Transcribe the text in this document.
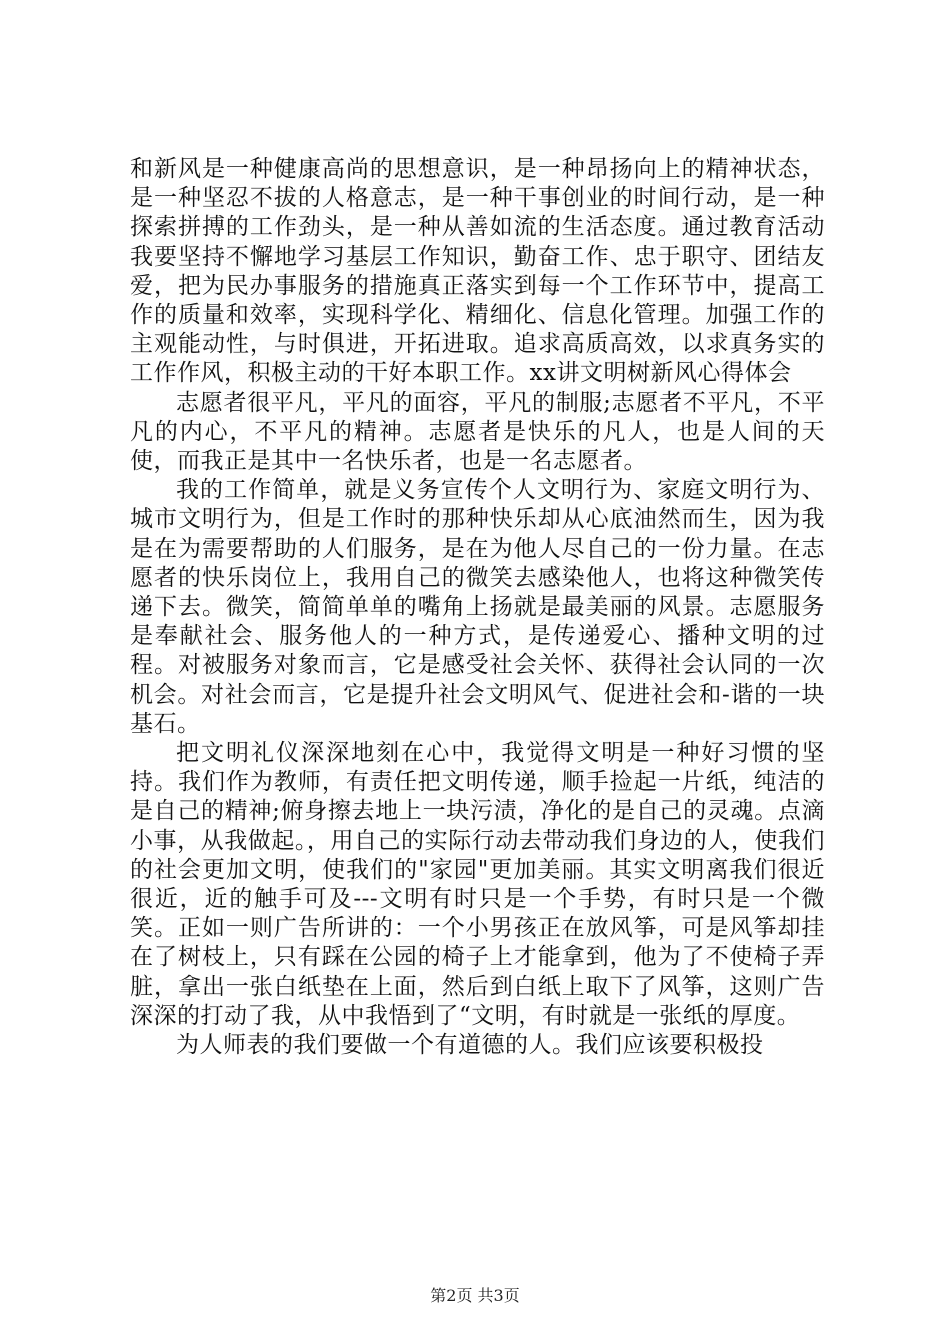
和新风是一种健康高尚的思想意识，是一种昂扬向上的精神状态，是一种坚忍不拔的人格意志，是一种干事创业的时间行动，是一种探索拼搏的工作劲头，是一种从善如流的生活态度。通过教育活动我要坚持不懈地学习基层工作知识，勤奋工作、忠于职守、团结友爱，把为民办事服务的措施真正落实到每一个工作环节中，提高工作的质量和效率，实现科学化、精细化、信息化管理。加强工作的主观能动性，与时俱进，开拓进取。追求高质高效，以求真务实的工作作风，积极主动的干好本职工作。xx讲文明树新风心得体会

志愿者很平凡，平凡的面容，平凡的制服;志愿者不平凡，不平凡的内心，不平凡的精神。志愿者是快乐的凡人，也是人间的天使，而我正是其中一名快乐者，也是一名志愿者。

我的工作简单，就是义务宣传个人文明行为、家庭文明行为、城市文明行为，但是工作时的那种快乐却从心底油然而生，因为我是在为需要帮助的人们服务，是在为他人尽自己的一份力量。在志愿者的快乐岗位上，我用自己的微笑去感染他人，也将这种微笑传递下去。微笑，简简单单的嘴角上扬就是最美丽的风景。志愿服务是奉献社会、服务他人的一种方式，是传递爱心、播种文明的过程。对被服务对象而言，它是感受社会关怀、获得社会认同的一次机会。对社会而言，它是提升社会文明风气、促进社会和-谐的一块基石。

把文明礼仪深深地刻在心中，我觉得文明是一种好习惯的坚持。我们作为教师，有责任把文明传递，顺手捡起一片纸，纯洁的是自己的精神;俯身擦去地上一块污渍，净化的是自己的灵魂。点滴小事，从我做起。，用自己的实际行动去带动我们身边的人，使我们的社会更加文明，使我们的"家园"更加美丽。其实文明离我们很近很近，近的触手可及---文明有时只是一个手势，有时只是一个微笑。正如一则广告所讲的：一个小男孩正在放风筝，可是风筝却挂在了树枝上，只有踩在公园的椅子上才能拿到，他为了不使椅子弄脏，拿出一张白纸垫在上面，然后到白纸上取下了风筝，这则广告深深的打动了我，从中我悟到了“文明，有时就是一张纸的厚度。

为人师表的我们要做一个有道德的人。我们应该要积极投

第2页 共3页
